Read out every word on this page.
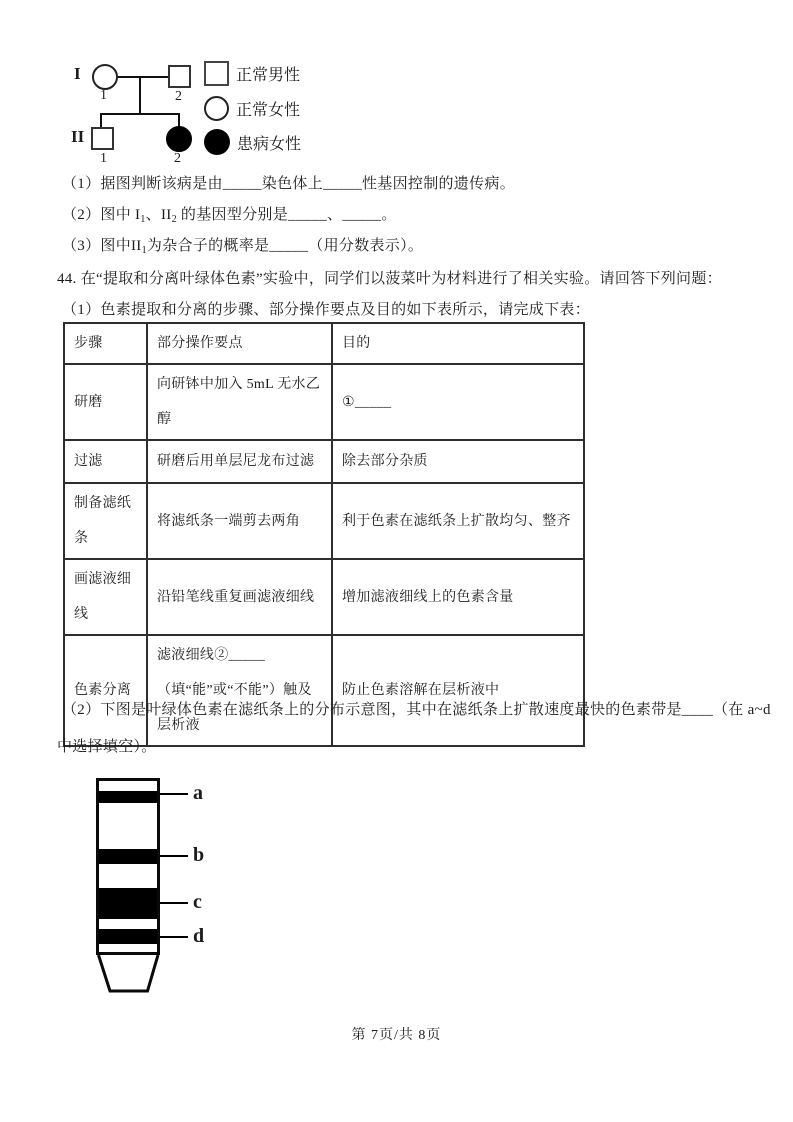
I
II
1	2
1	2
正常男性
正常女性
患病女性
（1）据图判断该病是由_____染色体上_____性基因控制的遗传病。
（2）图中 $I_1$、$II_2$ 的基因型分别是_____、_____。
（3）图中$II_1$为杂合子的概率是_____（用分数表示）。
44. 在“提取和分离叶绿体色素”实验中，同学们以菠菜叶为材料进行了相关实验。请回答下列问题：
（1）色素提取和分离的步骤、部分操作要点及目的如下表所示，请完成下表：
步骤	部分操作要点	目的
研磨	向研钵中加入 5mL 无水乙醇	①_____
过滤	研磨后用单层尼龙布过滤	除去部分杂质
制备滤纸条	将滤纸条一端剪去两角	利于色素在滤纸条上扩散均匀、整齐
画滤液细线	沿铅笔线重复画滤液细线	增加滤液细线上的色素含量
色素分离	滤液细线②_____（填“能”或“不能”）触及层析液	防止色素溶解在层析液中
（2）下图是叶绿体色素在滤纸条上的分布示意图，其中在滤纸条上扩散速度最快的色素带是____（在 a~d
中选择填空）。
a
b
c
d
第 7页/共 8页
